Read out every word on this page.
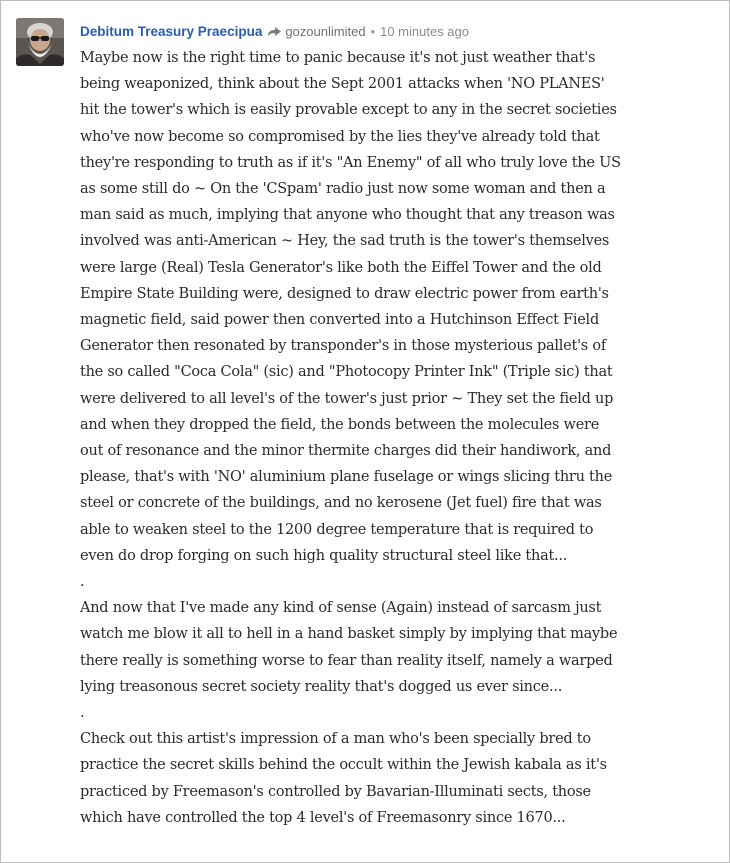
Debitum Treasury Praecipua gozounlimited • 10 minutes ago

Maybe now is the right time to panic because it's not just weather that's
being weaponized, think about the Sept 2001 attacks when 'NO PLANES'
hit the tower's which is easily provable except to any in the secret societies
who've now become so compromised by the lies they've already told that
they're responding to truth as if it's "An Enemy" of all who truly love the US
as some still do ~ On the 'CSpam' radio just now some woman and then a
man said as much, implying that anyone who thought that any treason was
involved was anti-American ~ Hey, the sad truth is the tower's themselves
were large (Real) Tesla Generator's like both the Eiffel Tower and the old
Empire State Building were, designed to draw electric power from earth's
magnetic field, said power then converted into a Hutchinson Effect Field
Generator then resonated by transponder's in those mysterious pallet's of
the so called "Coca Cola" (sic) and "Photocopy Printer Ink" (Triple sic) that
were delivered to all level's of the tower's just prior ~ They set the field up
and when they dropped the field, the bonds between the molecules were
out of resonance and the minor thermite charges did their handiwork, and
please, that's with 'NO' aluminium plane fuselage or wings slicing thru the
steel or concrete of the buildings, and no kerosene (Jet fuel) fire that was
able to weaken steel to the 1200 degree temperature that is required to
even do drop forging on such high quality structural steel like that...

.

And now that I've made any kind of sense (Again) instead of sarcasm just
watch me blow it all to hell in a hand basket simply by implying that maybe
there really is something worse to fear than reality itself, namely a warped
lying treasonous secret society reality that's dogged us ever since...

.

Check out this artist's impression of a man who's been specially bred to
practice the secret skills behind the occult within the Jewish kabala as it's
practiced by Freemason's controlled by Bavarian-Illuminati sects, those
which have controlled the top 4 level's of Freemasonry since 1670...
